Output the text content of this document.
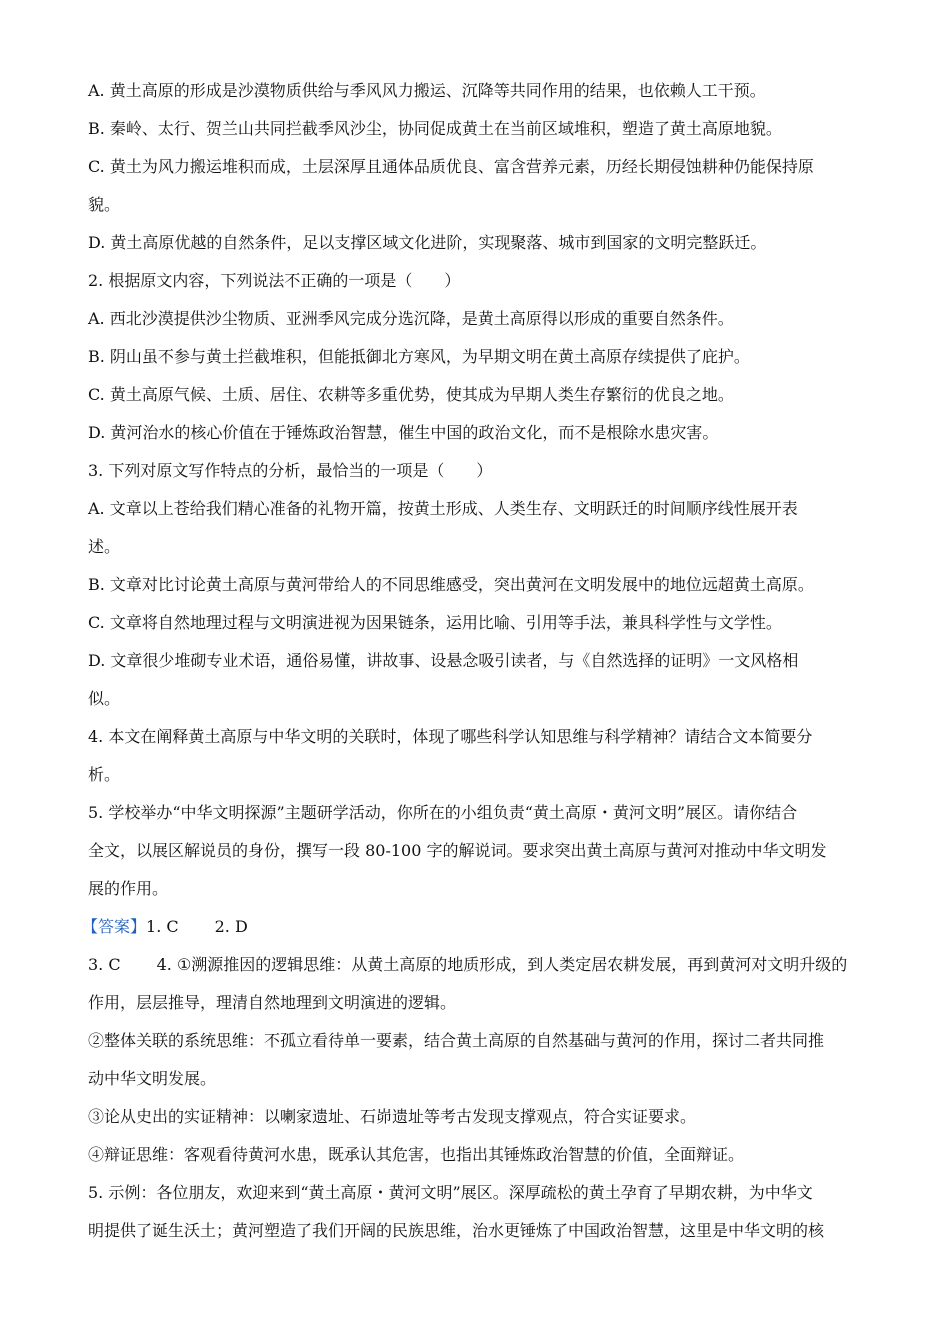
A. 黄土高原的形成是沙漠物质供给与季风风力搬运、沉降等共同作用的结果，也依赖人工干预。

B. 秦岭、太行、贺兰山共同拦截季风沙尘，协同促成黄土在当前区域堆积，塑造了黄土高原地貌。

C. 黄土为风力搬运堆积而成，土层深厚且通体品质优良、富含营养元素，历经长期侵蚀耕种仍能保持原

貌。

D. 黄土高原优越的自然条件，足以支撑区域文化进阶，实现聚落、城市到国家的文明完整跃迁。

2. 根据原文内容，下列说法不正确的一项是（　　）

A. 西北沙漠提供沙尘物质、亚洲季风完成分选沉降，是黄土高原得以形成的重要自然条件。

B. 阴山虽不参与黄土拦截堆积，但能抵御北方寒风，为早期文明在黄土高原存续提供了庇护。

C. 黄土高原气候、土质、居住、农耕等多重优势，使其成为早期人类生存繁衍的优良之地。

D. 黄河治水的核心价值在于锤炼政治智慧，催生中国的政治文化，而不是根除水患灾害。

3. 下列对原文写作特点的分析，最恰当的一项是（　　）

A. 文章以上苍给我们精心准备的礼物开篇，按黄土形成、人类生存、文明跃迁的时间顺序线性展开表

述。

B. 文章对比讨论黄土高原与黄河带给人的不同思维感受，突出黄河在文明发展中的地位远超黄土高原。

C. 文章将自然地理过程与文明演进视为因果链条，运用比喻、引用等手法，兼具科学性与文学性。

D. 文章很少堆砌专业术语，通俗易懂，讲故事、设悬念吸引读者，与《自然选择的证明》一文风格相

似。

4. 本文在阐释黄土高原与中华文明的关联时，体现了哪些科学认知思维与科学精神？请结合文本简要分

析。

5. 学校举办“中华文明探源”主题研学活动，你所在的小组负责“黄土高原・黄河文明”展区。请你结合

全文，以展区解说员的身份，撰写一段 80-100 字的解说词。要求突出黄土高原与黄河对推动中华文明发

展的作用。

【答案】1. C 2. D

3. C 4. ①溯源推因的逻辑思维：从黄土高原的地质形成，到人类定居农耕发展，再到黄河对文明升级的

作用，层层推导，理清自然地理到文明演进的逻辑。

②整体关联的系统思维：不孤立看待单一要素，结合黄土高原的自然基础与黄河的作用，探讨二者共同推

动中华文明发展。

③论从史出的实证精神：以喇家遗址、石峁遗址等考古发现支撑观点，符合实证要求。

④辩证思维：客观看待黄河水患，既承认其危害，也指出其锤炼政治智慧的价值，全面辩证。

5. 示例：各位朋友，欢迎来到“黄土高原・黄河文明”展区。深厚疏松的黄土孕育了早期农耕，为中华文

明提供了诞生沃土；黄河塑造了我们开阔的民族思维，治水更锤炼了中国政治智慧，这里是中华文明的核
